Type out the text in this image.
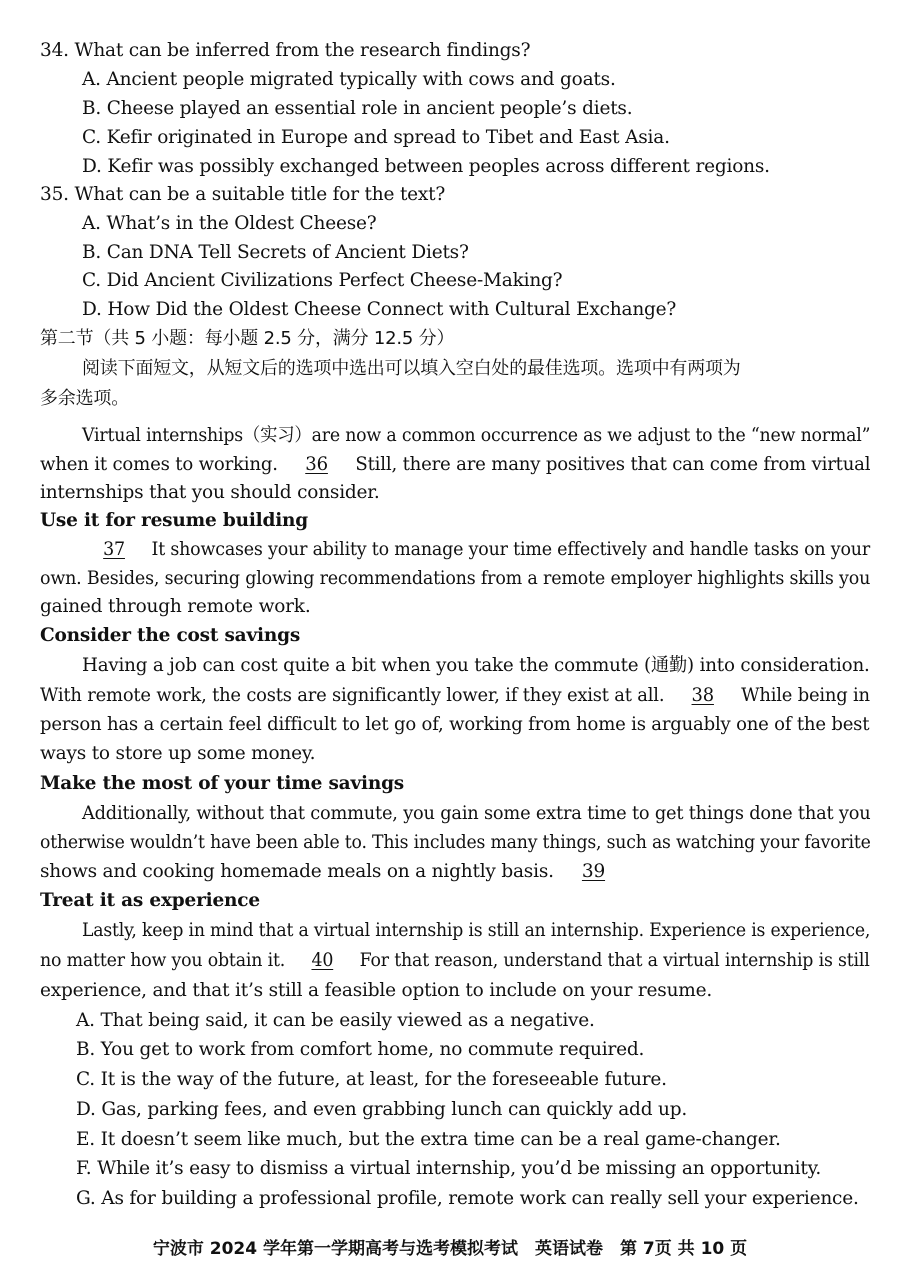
34. What can be inferred from the research findings?
A. Ancient people migrated typically with cows and goats.
B. Cheese played an essential role in ancient people’s diets.
C. Kefir originated in Europe and spread to Tibet and East Asia.
D. Kefir was possibly exchanged between peoples across different regions.
35. What can be a suitable title for the text?
A. What’s in the Oldest Cheese?
B. Can DNA Tell Secrets of Ancient Diets?
C. Did Ancient Civilizations Perfect Cheese-Making?
D. How Did the Oldest Cheese Connect with Cultural Exchange?
第二节（共 5 小题：每小题 2.5 分，满分 12.5 分）
阅读下面短文，从短文后的选项中选出可以填入空白处的最佳选项。选项中有两项为
多余选项。
Virtual internships（实习）are now a common occurrence as we adjust to the “new normal”
when it comes to working. 36 Still, there are many positives that can come from virtual
internships that you should consider.
Use it for resume building
37 It showcases your ability to manage your time effectively and handle tasks on your
own. Besides, securing glowing recommendations from a remote employer highlights skills you
gained through remote work.
Consider the cost savings
Having a job can cost quite a bit when you take the commute (通勤) into consideration.
With remote work, the costs are significantly lower, if they exist at all. 38 While being in
person has a certain feel difficult to let go of, working from home is arguably one of the best
ways to store up some money.
Make the most of your time savings
Additionally, without that commute, you gain some extra time to get things done that you
otherwise wouldn’t have been able to. This includes many things, such as watching your favorite
shows and cooking homemade meals on a nightly basis. 39
Treat it as experience
Lastly, keep in mind that a virtual internship is still an internship. Experience is experience,
no matter how you obtain it. 40 For that reason, understand that a virtual internship is still
experience, and that it’s still a feasible option to include on your resume.
A. That being said, it can be easily viewed as a negative.
B. You get to work from comfort home, no commute required.
C. It is the way of the future, at least, for the foreseeable future.
D. Gas, parking fees, and even grabbing lunch can quickly add up.
E. It doesn’t seem like much, but the extra time can be a real game-changer.
F. While it’s easy to dismiss a virtual internship, you’d be missing an opportunity.
G. As for building a professional profile, remote work can really sell your experience.
宁波市 2024 学年第一学期高考与选考模拟考试　英语试卷　第 7页 共 10 页
